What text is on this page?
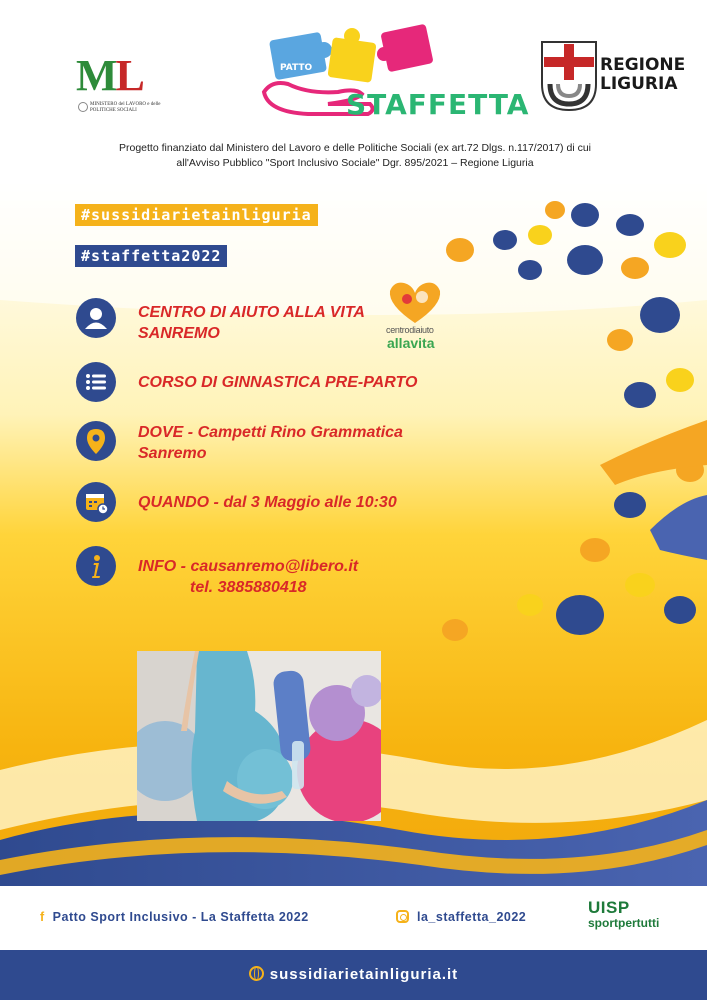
ML
MINISTERO del LAVORO e delle POLITICHE SOCIALI
PATTO
STAFFETTA
REGIONE
LIGURIA
Progetto finanziato dal Ministero del Lavoro e delle Politiche Sociali (ex art.72 Dlgs. n.117/2017) di cui
all'Avviso Pubblico "Sport Inclusivo Sociale" Dgr. 895/2021 – Regione Liguria
#sussidiarietainliguria
#staffetta2022
CENTRO DI AIUTO ALLA VITA
SANREMO	centrodiaiuto
allavita
CORSO DI GINNASTICA PRE-PARTO
DOVE - Campetti Rino Grammatica
Sanremo
QUANDO - dal 3 Maggio alle 10:30
INFO - causanremo@libero.it
tel. 3885880418
f Patto Sport Inclusivo - La Staffetta 2022	la_staffetta_2022	UISP
sportpertutti
sussidiarietainliguria.it
